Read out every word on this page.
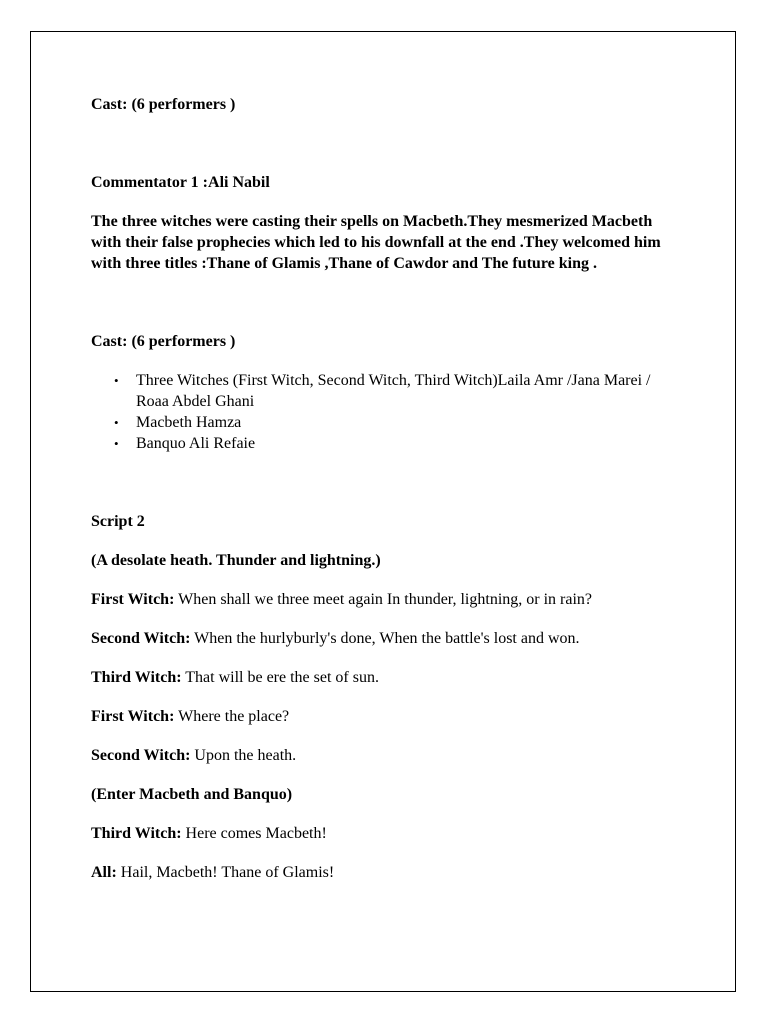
Cast: (6 performers )

Commentator 1 :Ali Nabil

The three witches were casting their spells on Macbeth.They mesmerized Macbeth with their false prophecies which led to his downfall at the end .They welcomed him with three titles :Thane of Glamis ,Thane of Cawdor and The future king .

Cast: (6 performers )

• Three Witches (First Witch, Second Witch, Third Witch)Laila Amr /Jana Marei / Roaa Abdel Ghani
• Macbeth Hamza
• Banquo Ali Refaie

Script 2

(A desolate heath. Thunder and lightning.)

First Witch: When shall we three meet again In thunder, lightning, or in rain?

Second Witch: When the hurlyburly's done, When the battle's lost and won.

Third Witch: That will be ere the set of sun.

First Witch: Where the place?

Second Witch: Upon the heath.

(Enter Macbeth and Banquo)

Third Witch: Here comes Macbeth!

All: Hail, Macbeth! Thane of Glamis!
